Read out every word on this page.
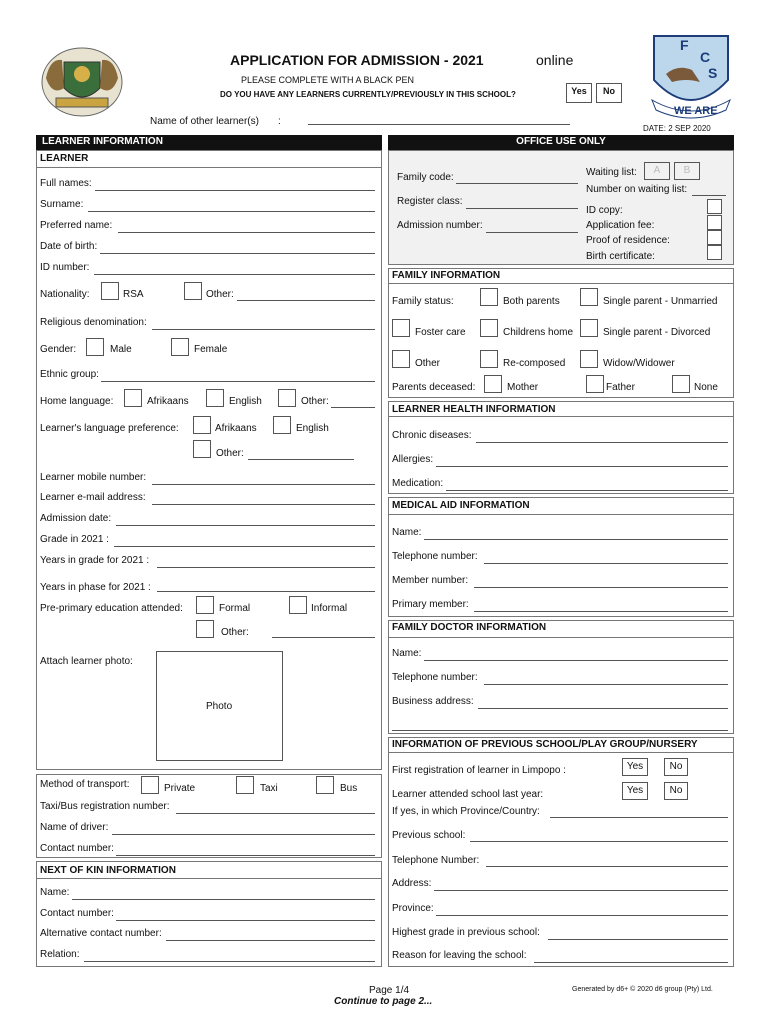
APPLICATION FOR ADMISSION - 2021	online
PLEASE COMPLETE WITH A BLACK PEN
DO YOU HAVE ANY LEARNERS CURRENTLY/PREVIOUSLY IN THIS SCHOOL?	Yes	No
Name of other learner(s) :
F
C
S
WE ARE
DATE: 2 SEP 2020
LEARNER INFORMATION
LEARNER
Full names:
Surname:
Preferred name:
Date of birth:
ID number:
Nationality:	RSA	Other:
Religious denomination:
Gender:	Male	Female
Ethnic group:
Home language:	Afrikaans	English	Other:
Learner's language preference:	Afrikaans	English
Other:
Learner mobile number:
Learner e-mail address:
Admission date:
Grade in 2021 :
Years in grade for 2021 :
Years in phase for 2021 :
Pre-primary education attended:	Formal	Informal
Other:
Attach learner photo:
Photo
Method of transport:	Private	Taxi	Bus
Taxi/Bus registration number:
Name of driver:
Contact number:
NEXT OF KIN INFORMATION
Name:
Contact number:
Alternative contact number:
Relation:
OFFICE USE ONLY
Family code:
Register class:
Admission number:
Waiting list:	A	B
Number on waiting list:
ID copy:
Application fee:
Proof of residence:
Birth certificate:
FAMILY INFORMATION
Family status:	Both parents	Single parent - Unmarried
Foster care	Childrens home	Single parent - Divorced
Other	Re-composed	Widow/Widower
Parents deceased:	Mother	Father	None
LEARNER HEALTH INFORMATION
Chronic diseases:
Allergies:
Medication:
MEDICAL AID INFORMATION
Name:
Telephone number:
Member number:
Primary member:
FAMILY DOCTOR INFORMATION
Name:
Telephone number:
Business address:
INFORMATION OF PREVIOUS SCHOOL/PLAY GROUP/NURSERY
First registration of learner in Limpopo :	Yes	No
Learner attended school last year:	Yes	No
If yes, in which Province/Country:
Previous school:
Telephone Number:
Address:
Province:
Highest grade in previous school:
Reason for leaving the school:
Page 1/4
Continue to page 2...
Generated by d6+ © 2020 d6 group (Pty) Ltd.
